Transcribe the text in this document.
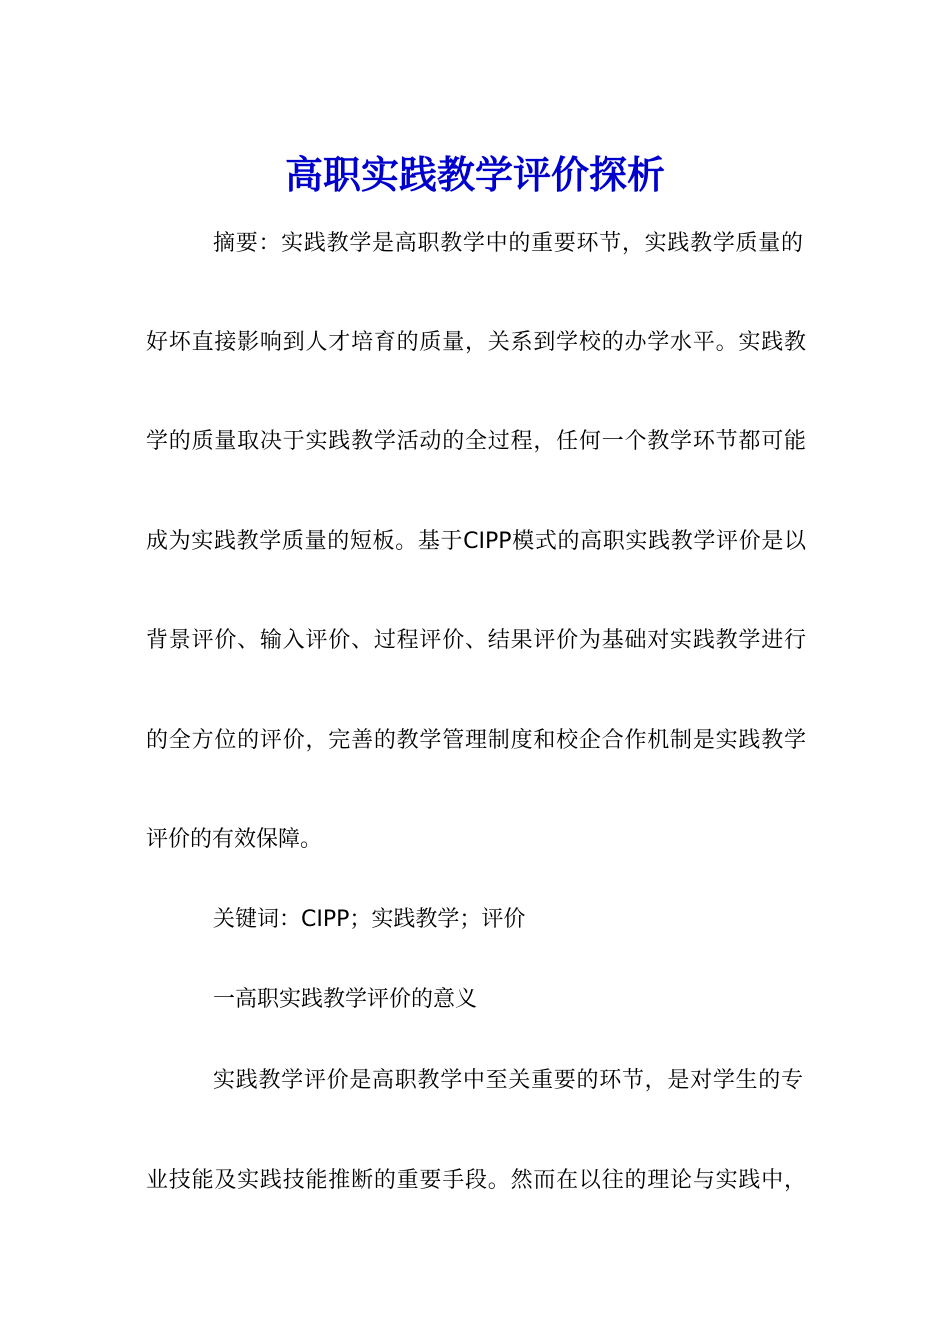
高职实践教学评价探析
摘要：实践教学是高职教学中的重要环节，实践教学质量的
好坏直接影响到人才培育的质量，关系到学校的办学水平。实践教
学的质量取决于实践教学活动的全过程，任何一个教学环节都可能
成为实践教学质量的短板。基于CIPP模式的高职实践教学评价是以
背景评价、输入评价、过程评价、结果评价为基础对实践教学进行
的全方位的评价，完善的教学管理制度和校企合作机制是实践教学
评价的有效保障。
关键词：CIPP；实践教学；评价
一高职实践教学评价的意义
实践教学评价是高职教学中至关重要的环节，是对学生的专
业技能及实践技能推断的重要手段。然而在以往的理论与实践中，
